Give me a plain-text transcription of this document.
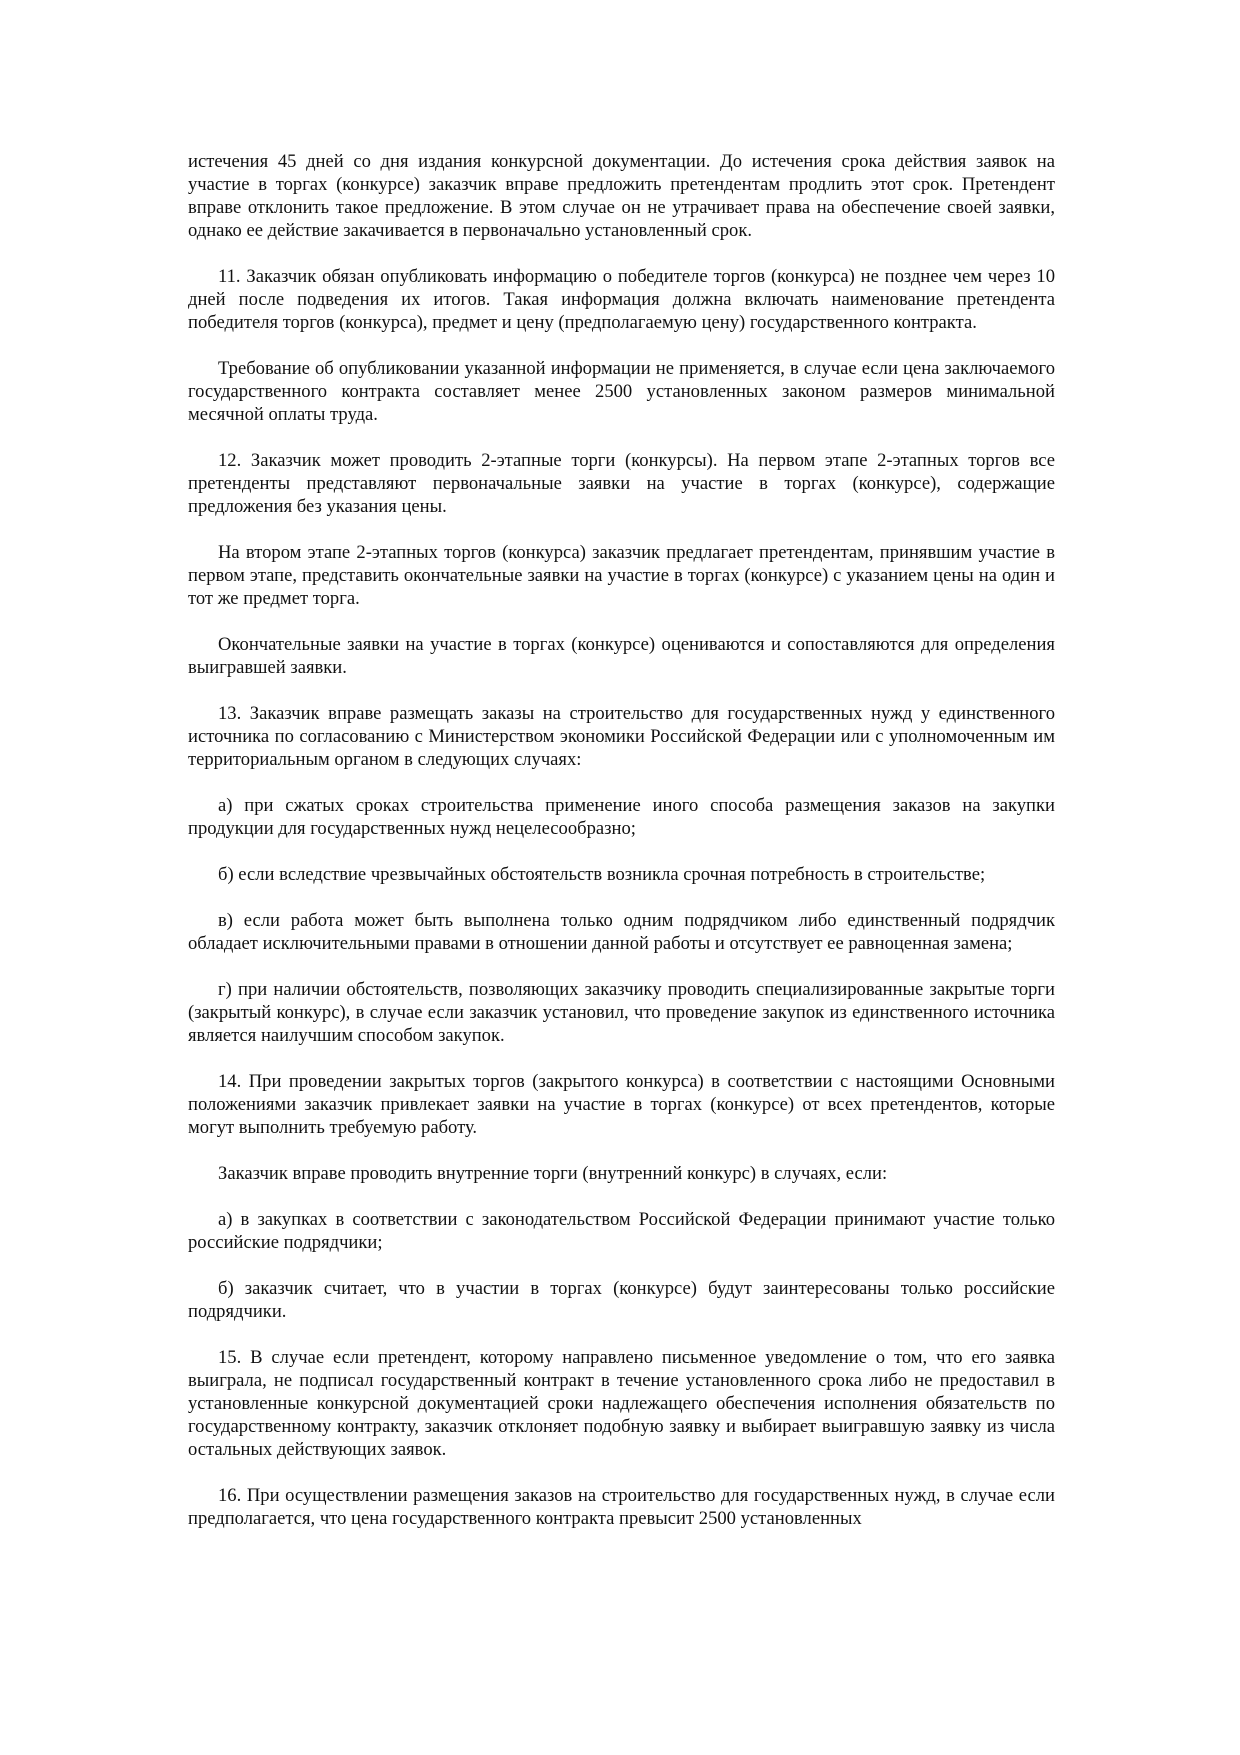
истечения 45 дней со дня издания конкурсной документации. До истечения срока действия заявок на участие в торгах (конкурсе) заказчик вправе предложить претендентам продлить этот срок. Претендент вправе отклонить такое предложение. В этом случае он не утрачивает права на обеспечение своей заявки, однако ее действие закачивается в первоначально установленный срок.

11. Заказчик обязан опубликовать информацию о победителе торгов (конкурса) не позднее чем через 10 дней после подведения их итогов. Такая информация должна включать наименование претендента победителя торгов (конкурса), предмет и цену (предполагаемую цену) государственного контракта.

Требование об опубликовании указанной информации не применяется, в случае если цена заключаемого государственного контракта составляет менее 2500 установленных законом размеров минимальной месячной оплаты труда.

12. Заказчик может проводить 2-этапные торги (конкурсы). На первом этапе 2-этапных торгов все претенденты представляют первоначальные заявки на участие в торгах (конкурсе), содержащие предложения без указания цены.

На втором этапе 2-этапных торгов (конкурса) заказчик предлагает претендентам, принявшим участие в первом этапе, представить окончательные заявки на участие в торгах (конкурсе) с указанием цены на один и тот же предмет торга.

Окончательные заявки на участие в торгах (конкурсе) оцениваются и сопоставляются для определения выигравшей заявки.

13. Заказчик вправе размещать заказы на строительство для государственных нужд у единственного источника по согласованию с Министерством экономики Российской Федерации или с уполномоченным им территориальным органом в следующих случаях:

а) при сжатых сроках строительства применение иного способа размещения заказов на закупки продукции для государственных нужд нецелесообразно;

б) если вследствие чрезвычайных обстоятельств возникла срочная потребность в строительстве;

в) если работа может быть выполнена только одним подрядчиком либо единственный подрядчик обладает исключительными правами в отношении данной работы и отсутствует ее равноценная замена;

г) при наличии обстоятельств, позволяющих заказчику проводить специализированные закрытые торги (закрытый конкурс), в случае если заказчик установил, что проведение закупок из единственного источника является наилучшим способом закупок.

14. При проведении закрытых торгов (закрытого конкурса) в соответствии с настоящими Основными положениями заказчик привлекает заявки на участие в торгах (конкурсе) от всех претендентов, которые могут выполнить требуемую работу.

Заказчик вправе проводить внутренние торги (внутренний конкурс) в случаях, если:

а) в закупках в соответствии с законодательством Российской Федерации принимают участие только российские подрядчики;

б) заказчик считает, что в участии в торгах (конкурсе) будут заинтересованы только российские подрядчики.

15. В случае если претендент, которому направлено письменное уведомление о том, что его заявка выиграла, не подписал государственный контракт в течение установленного срока либо не предоставил в установленные конкурсной документацией сроки надлежащего обеспечения исполнения обязательств по государственному контракту, заказчик отклоняет подобную заявку и выбирает выигравшую заявку из числа остальных действующих заявок.

16. При осуществлении размещения заказов на строительство для государственных нужд, в случае если предполагается, что цена государственного контракта превысит 2500 установленных
